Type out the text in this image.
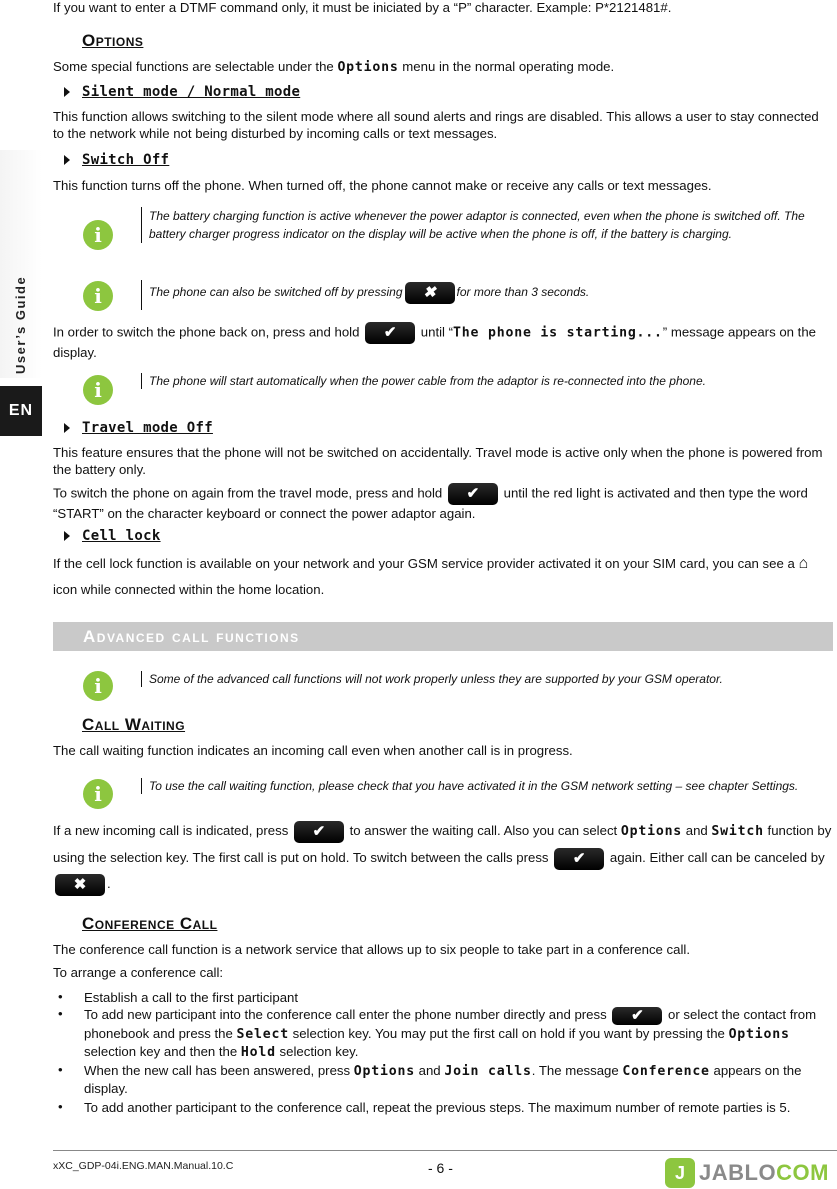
User’s Guide
EN

If you want to enter a DTMF command only, it must be iniciated by a “P” character. Example: P*2121481#.

Options

Some special functions are selectable under the Options menu in the normal operating mode.

Silent mode / Normal mode

This function allows switching to the silent mode where all sound alerts and rings are disabled. This allows a user to stay connected to the network while not being disturbed by incoming calls or text messages.

Switch Off

This function turns off the phone. When turned off, the phone cannot make or receive any calls or text messages.

i
The battery charging function is active whenever the power adaptor is connected, even when the phone is switched off. The battery charger progress indicator on the display will be active when the phone is off, if the battery is charging.
i	The phone can also be switched off by pressing ✖ for more than 3 seconds.

In order to switch the phone back on, press and hold ✔ until “The phone is starting...” message appears on the display.

i	The phone will start automatically when the power cable from the adaptor is re-connected into the phone.
Travel mode Off

This feature ensures that the phone will not be switched on accidentally. Travel mode is active only when the phone is powered from the battery only.

To switch the phone on again from the travel mode, press and hold ✔ until the red light is activated and then type the word “START” on the character keyboard or connect the power adaptor again.

Cell lock

If the cell lock function is available on your network and your GSM service provider activated it on your SIM card, you can see a ⌂ icon while connected within the home location.

Advanced call functions
i	Some of the advanced call functions will not work properly unless they are supported by your GSM operator.
Call Waiting

The call waiting function indicates an incoming call even when another call is in progress.

i	To use the call waiting function, please check that you have activated it in the GSM network setting – see chapter Settings.

If a new incoming call is indicated, press ✔ to answer the waiting call. Also you can select Options and Switch function by using the selection key. The first call is put on hold. To switch between the calls press ✔ again. Either call can be canceled by ✖ .

Conference Call

The conference call function is a network service that allows up to six people to take part in a conference call.

To arrange a conference call:

•	Establish a call to the first participant
•	To add new participant into the conference call enter the phone number directly and press ✔ or select the contact from phonebook and press the Select selection key. You may put the first call on hold if you want by pressing the Options selection key and then the Hold selection key.
•	When the new call has been answered, press Options and Join calls. The message Conference appears on the display.
•	To add another participant to the conference call, repeat the previous steps. The maximum number of remote parties is 5.
xXC_GDP-04i.ENG.MAN.Manual.10.C	- 6 -	J JABLO COM
